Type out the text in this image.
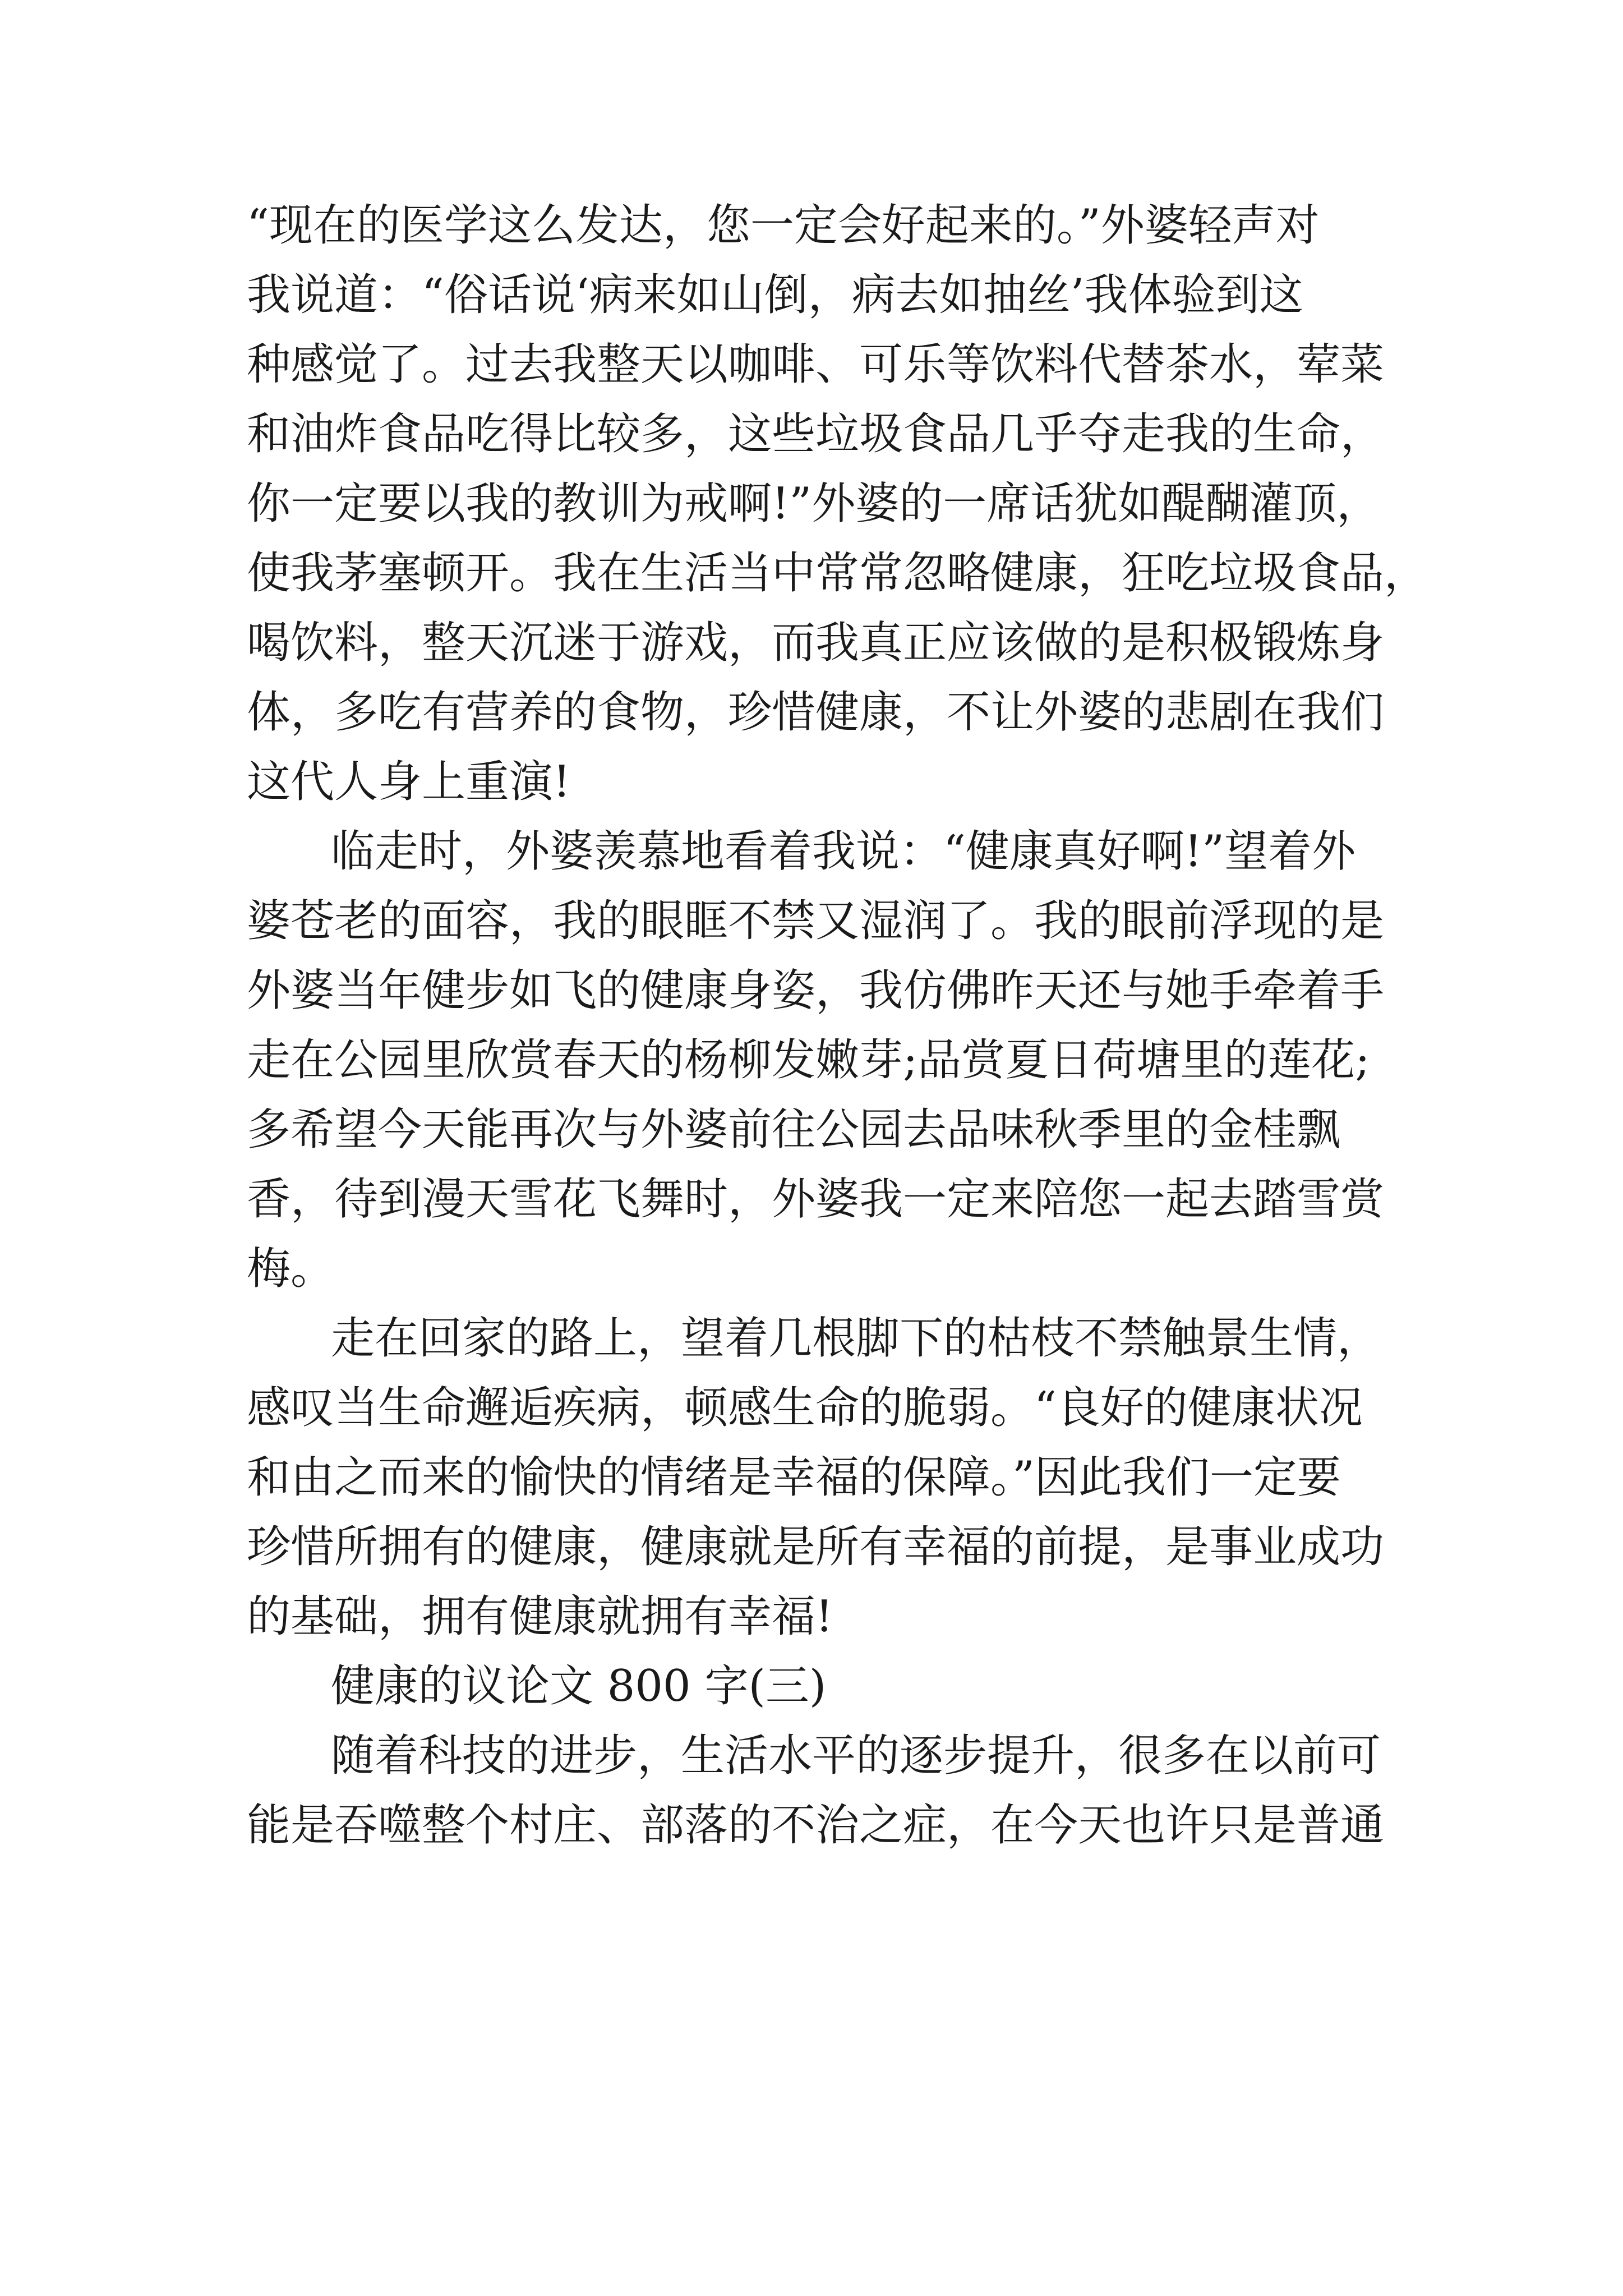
“现在的医学这么发达，您一定会好起来的。”外婆轻声对
我说道：“俗话说‘病来如山倒，病去如抽丝’我体验到这
种感觉了。过去我整天以咖啡、可乐等饮料代替茶水，荤菜
和油炸食品吃得比较多，这些垃圾食品几乎夺走我的生命，
你一定要以我的教训为戒啊!”外婆的一席话犹如醍醐灌顶，
使我茅塞顿开。我在生活当中常常忽略健康，狂吃垃圾食品，
喝饮料，整天沉迷于游戏，而我真正应该做的是积极锻炼身
体，多吃有营养的食物，珍惜健康，不让外婆的悲剧在我们
这代人身上重演!
临走时，外婆羡慕地看着我说：“健康真好啊!”望着外
婆苍老的面容，我的眼眶不禁又湿润了。我的眼前浮现的是
外婆当年健步如飞的健康身姿，我仿佛昨天还与她手牵着手
走在公园里欣赏春天的杨柳发嫩芽;品赏夏日荷塘里的莲花;
多希望今天能再次与外婆前往公园去品味秋季里的金桂飘
香，待到漫天雪花飞舞时，外婆我一定来陪您一起去踏雪赏
梅。
走在回家的路上，望着几根脚下的枯枝不禁触景生情，
感叹当生命邂逅疾病，顿感生命的脆弱。“良好的健康状况
和由之而来的愉快的情绪是幸福的保障。”因此我们一定要
珍惜所拥有的健康，健康就是所有幸福的前提，是事业成功
的基础，拥有健康就拥有幸福!
健康的议论文 800 字(三)
随着科技的进步，生活水平的逐步提升，很多在以前可
能是吞噬整个村庄、部落的不治之症，在今天也许只是普通
